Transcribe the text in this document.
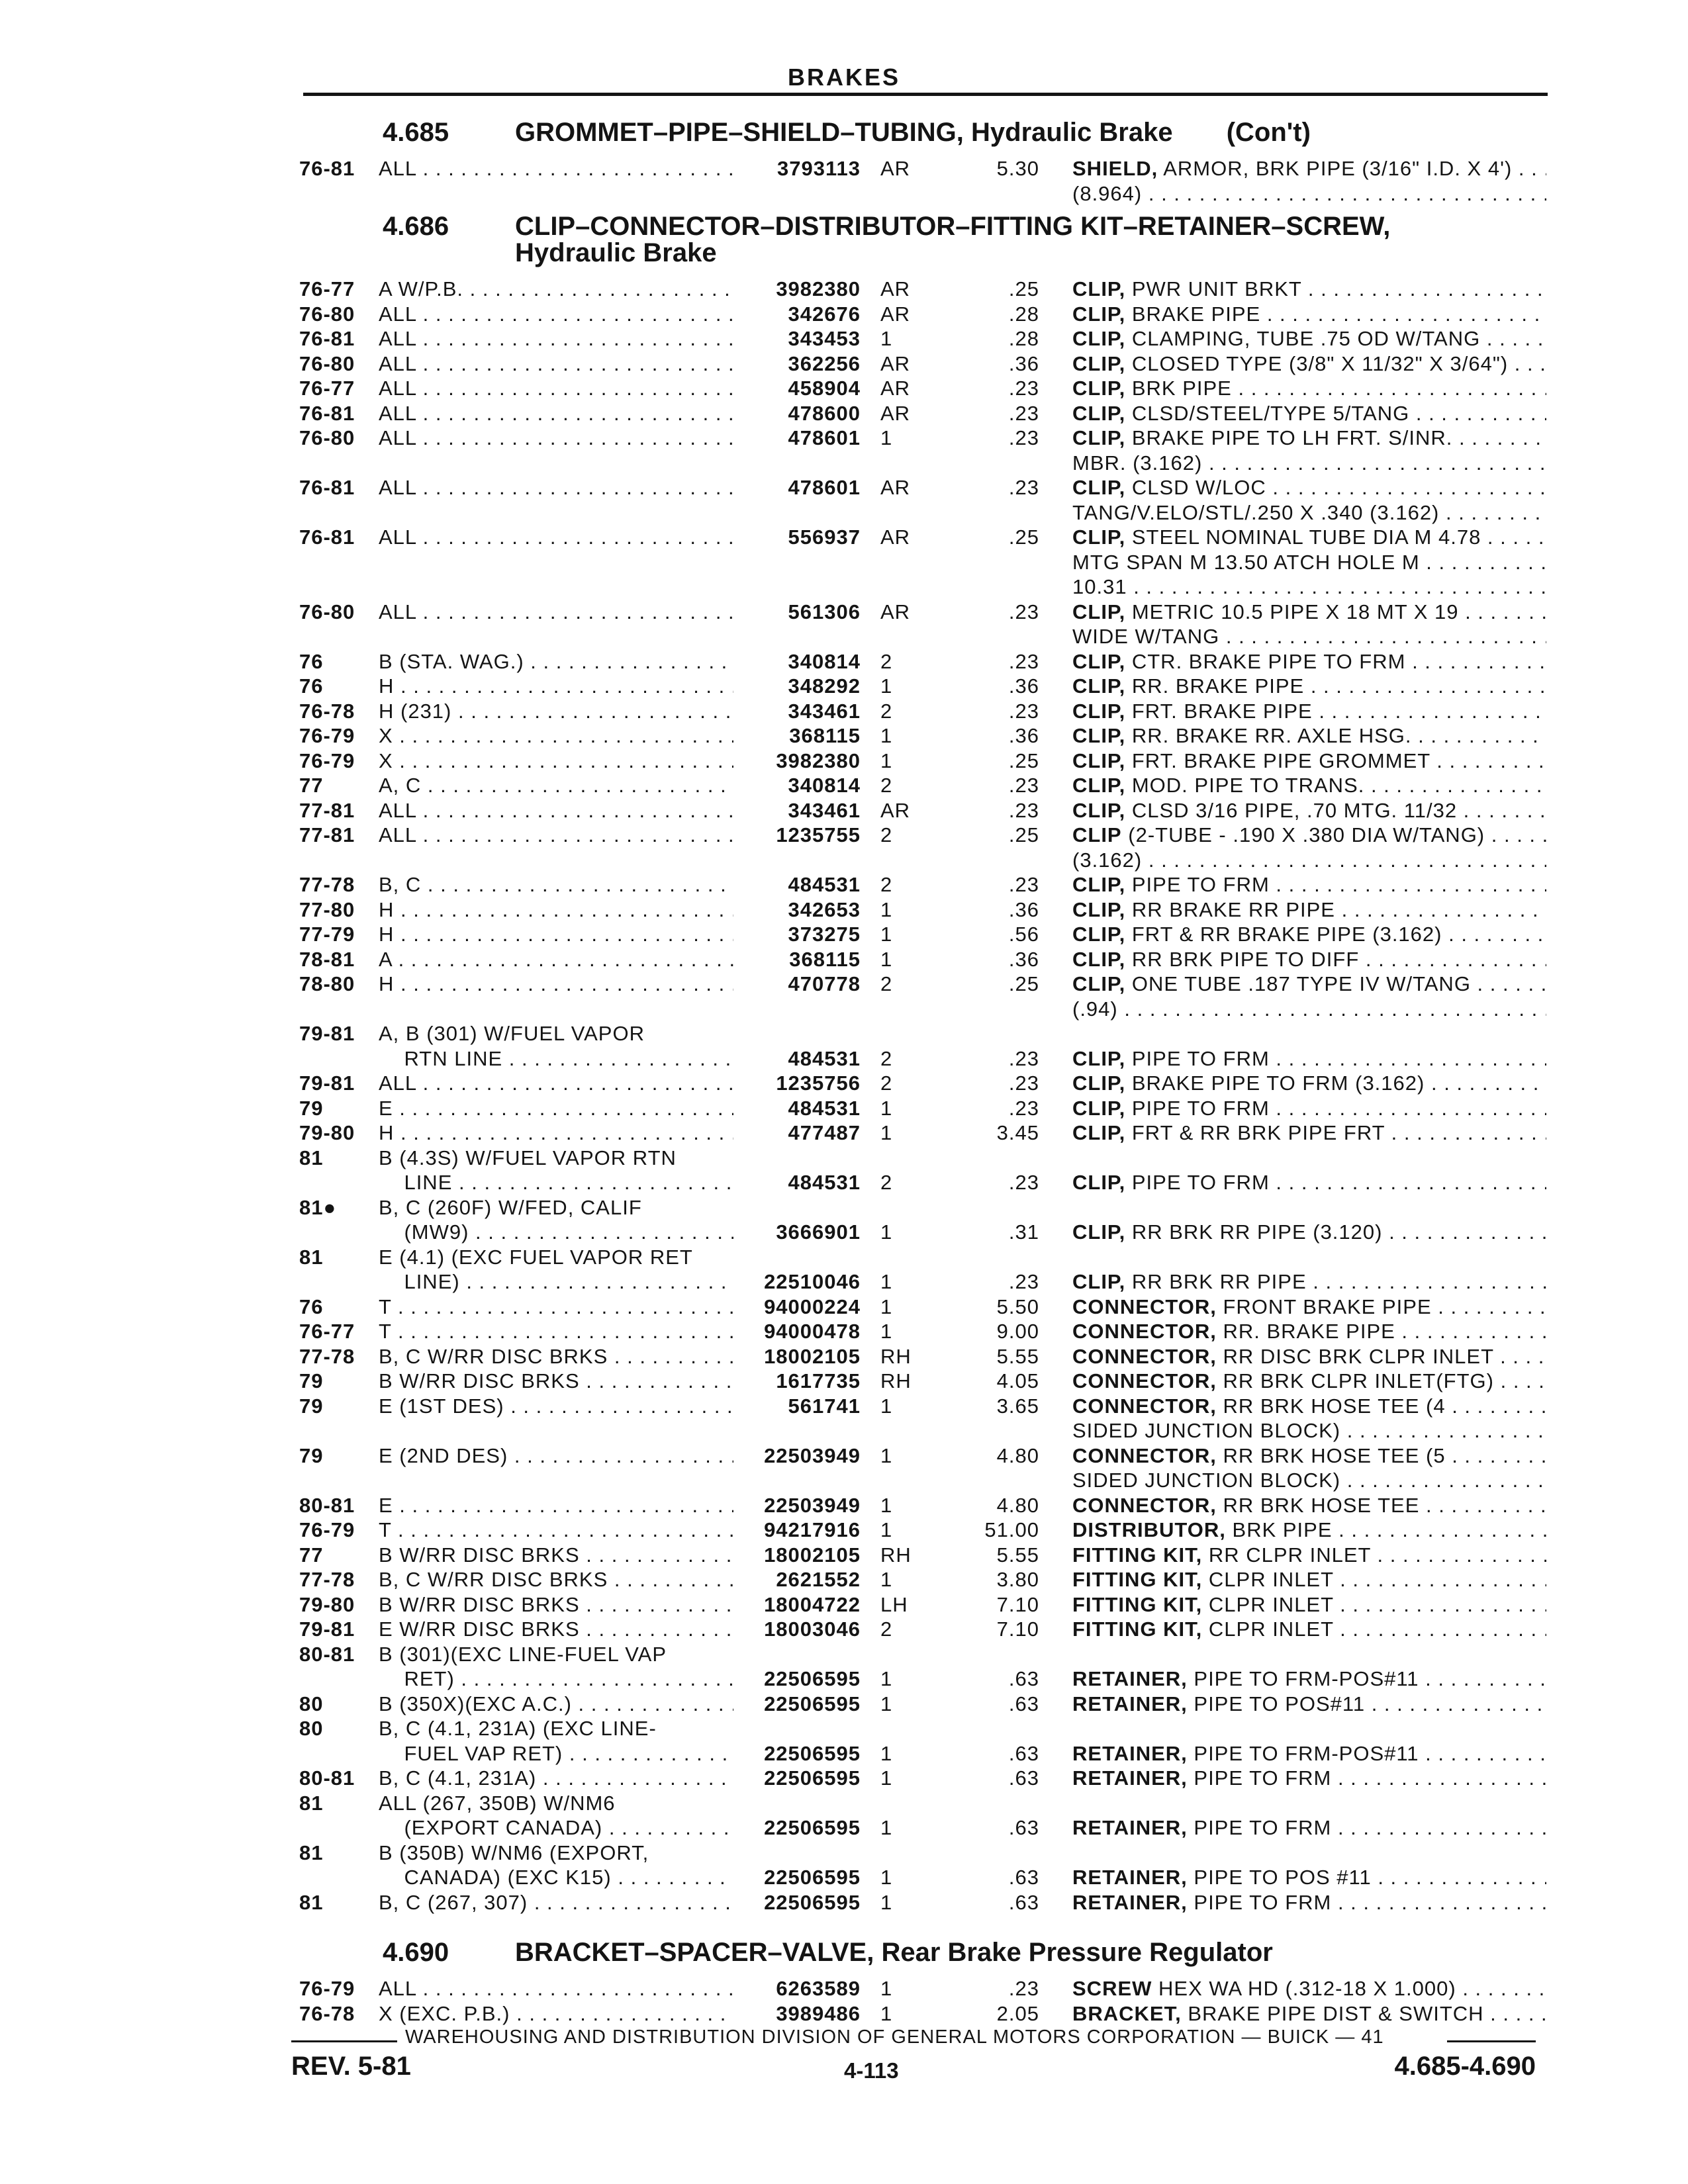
BRAKES
4.685 GROMMET–PIPE–SHIELD–TUBING, Hydraulic Brake (Con't)
4.686 CLIP–CONNECTOR–DISTRIBUTOR–FITTING KIT–RETAINER–SCREW,
Hydraulic Brake
4.690 BRACKET–SPACER–VALVE, Rear Brake Pressure Regulator
76-81	ALL . . .	3793113 AR	5.30 SHIELD, ARMOR, BRK PIPE (3/16" I.D. X 4') . . .
(8.964) . . .
76-77	A W/P.B. . . .	3982380 AR	.25 CLIP, PWR UNIT BRKT . . .
76-80	ALL . . .	342676 AR	.28 CLIP, BRAKE PIPE . . .
76-81	ALL . . .	343453 1	.28 CLIP, CLAMPING, TUBE .75 OD W/TANG . . .
76-80	ALL . . .	362256 AR	.36 CLIP, CLOSED TYPE (3/8" X 11/32" X 3/64") . . .
76-77	ALL . . .	458904 AR	.23 CLIP, BRK PIPE . . .
76-81	ALL . . .	478600 AR	.23 CLIP, CLSD/STEEL/TYPE 5/TANG . . .
76-80	ALL . . .	478601 1	.23 CLIP, BRAKE PIPE TO LH FRT. S/INR. . . .
MBR. (3.162) . . .
76-81	ALL . . .	478601 AR	.23 CLIP, CLSD W/LOC . . .
TANG/V.ELO/STL/.250 X .340 (3.162) . . .
76-81	ALL . . .	556937 AR	.25 CLIP, STEEL NOMINAL TUBE DIA M 4.78 . . .
MTG SPAN M 13.50 ATCH HOLE M . . .
10.31 . . .
76-80	ALL . . .	561306 AR	.23 CLIP, METRIC 10.5 PIPE X 18 MT X 19 . . .
WIDE W/TANG . . .
76	B (STA. WAG.) . . .	340814 2	.23 CLIP, CTR. BRAKE PIPE TO FRM . . .
76	H . . .	348292 1	.36 CLIP, RR. BRAKE PIPE . . .
76-78	H (231) . . .	343461 2	.23 CLIP, FRT. BRAKE PIPE . . .
76-79	X . . .	368115 1	.36 CLIP, RR. BRAKE RR. AXLE HSG. . . .
76-79	X . . .	3982380 1	.25 CLIP, FRT. BRAKE PIPE GROMMET . . .
77	A, C . . .	340814 2	.23 CLIP, MOD. PIPE TO TRANS. . . .
77-81	ALL . . .	343461 AR	.23 CLIP, CLSD 3/16 PIPE, .70 MTG. 11/32 . . .
77-81	ALL . . .	1235755 2	.25 CLIP (2-TUBE - .190 X .380 DIA W/TANG) . . .
(3.162) . . .
77-78	B, C . . .	484531 2	.23 CLIP, PIPE TO FRM . . .
77-80	H . . .	342653 1	.36 CLIP, RR BRAKE RR PIPE . . .
77-79	H . . .	373275 1	.56 CLIP, FRT & RR BRAKE PIPE (3.162) . . .
78-81	A . . .	368115 1	.36 CLIP, RR BRK PIPE TO DIFF . . .
78-80	H . . .	470778 2	.25 CLIP, ONE TUBE .187 TYPE IV W/TANG . . .
(.94) . . .
79-81	A, B (301) W/FUEL VAPOR
RTN LINE . . .	484531 2	.23 CLIP, PIPE TO FRM . . .
79-81	ALL . . .	1235756 2	.23 CLIP, BRAKE PIPE TO FRM (3.162) . . .
79	E . . .	484531 1	.23 CLIP, PIPE TO FRM . . .
79-80	H . . .	477487 1	3.45 CLIP, FRT & RR BRK PIPE FRT . . .
81	B (4.3S) W/FUEL VAPOR RTN
LINE . . .	484531 2	.23 CLIP, PIPE TO FRM . . .
81●	B, C (260F) W/FED, CALIF
(MW9) . . .	3666901 1	.31 CLIP, RR BRK RR PIPE (3.120) . . .
81	E (4.1) (EXC FUEL VAPOR RET
LINE) . . .	22510046 1	.23 CLIP, RR BRK RR PIPE . . .
76	T . . .	94000224 1	5.50 CONNECTOR, FRONT BRAKE PIPE . . .
76-77	T . . .	94000478 1	9.00 CONNECTOR, RR. BRAKE PIPE . . .
77-78	B, C W/RR DISC BRKS . . .	18002105 RH	5.55 CONNECTOR, RR DISC BRK CLPR INLET . . .
79	B W/RR DISC BRKS . . .	1617735 RH	4.05 CONNECTOR, RR BRK CLPR INLET(FTG) . . .
79	E (1ST DES) . . .	561741 1	3.65 CONNECTOR, RR BRK HOSE TEE (4 . . .
SIDED JUNCTION BLOCK) . . .
79	E (2ND DES) . . .	22503949 1	4.80 CONNECTOR, RR BRK HOSE TEE (5 . . .
SIDED JUNCTION BLOCK) . . .
80-81	E . . .	22503949 1	4.80 CONNECTOR, RR BRK HOSE TEE . . .
76-79	T . . .	94217916 1	51.00 DISTRIBUTOR, BRK PIPE . . .
77	B W/RR DISC BRKS . . .	18002105 RH	5.55 FITTING KIT, RR CLPR INLET . . .
77-78	B, C W/RR DISC BRKS . . .	2621552 1	3.80 FITTING KIT, CLPR INLET . . .
79-80	B W/RR DISC BRKS . . .	18004722 LH	7.10 FITTING KIT, CLPR INLET . . .
79-81	E W/RR DISC BRKS . . .	18003046 2	7.10 FITTING KIT, CLPR INLET . . .
80-81	B (301)(EXC LINE-FUEL VAP
RET) . . .	22506595 1	.63 RETAINER, PIPE TO FRM-POS#11 . . .
80	B (350X)(EXC A.C.) . . .	22506595 1	.63 RETAINER, PIPE TO POS#11 . . .
80	B, C (4.1, 231A) (EXC LINE-
FUEL VAP RET) . . .	22506595 1	.63 RETAINER, PIPE TO FRM-POS#11 . . .
80-81	B, C (4.1, 231A) . . .	22506595 1	.63 RETAINER, PIPE TO FRM . . .
81	ALL (267, 350B) W/NM6
(EXPORT CANADA) . . .	22506595 1	.63 RETAINER, PIPE TO FRM . . .
81	B (350B) W/NM6 (EXPORT,
CANADA) (EXC K15) . . .	22506595 1	.63 RETAINER, PIPE TO POS #11 . . .
81	B, C (267, 307) . . .	22506595 1	.63 RETAINER, PIPE TO FRM . . .
76-79	ALL . . .	6263589 1	.23 SCREW HEX WA HD (.312-18 X 1.000) . . .
76-78	X (EXC. P.B.) . . .	3989486 1	2.05 BRACKET, BRAKE PIPE DIST & SWITCH . . .
WAREHOUSING AND DISTRIBUTION DIVISION OF GENERAL MOTORS CORPORATION — BUICK — 41
REV. 5-81	4-113	4.685-4.690
